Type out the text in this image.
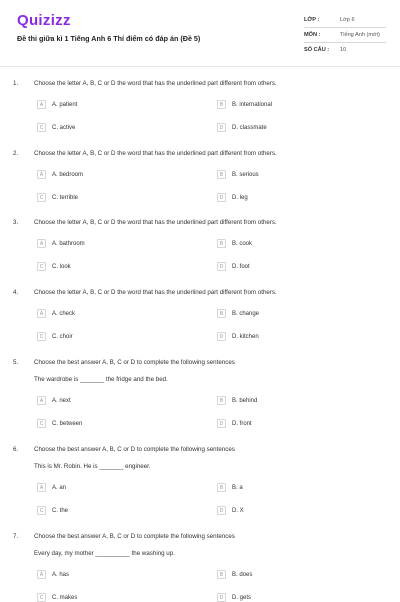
Quizizz
Đề thi giữa kì 1 Tiếng Anh 6 Thí điểm có đáp án (Đề 5)
LỚP :	Lớp 6
MÔN :	Tiếng Anh (mới)
SỐ CÂU :	10
1.	Choose the letter A, B, C or D the word that has the underlined part different from others.
A	A. patient	B	B. international
C	C. active	D	D. classmate
2.	Choose the letter A, B, C or D the word that has the underlined part different from others.
A	A. bedroom	B	B. serious
C	C. terrible	D	D. leg
3.	Choose the letter A, B, C or D the word that has the underlined part different from others.
A	A. bathroom	B	B. cook
C	C. look	D	D. foot
4.	Choose the letter A, B, C or D the word that has the underlined part different from others.
A	A. check	B	B. change
C	C. choir	D	D. kitchen
5.	Choose the best answer A, B, C or D to complete the following sentences
The wardrobe is _______ the fridge and the bed.
A	A. next	B	B. behind
C	C. between	D	D. front
6.	Choose the best answer A, B, C or D to complete the following sentences
This is Mr. Robin. He is _______ engineer.
A	A. an	B	B. a
C	C. the	D	D. X
7.	Choose the best answer A, B, C or D to complete the following sentences
Every day, my mother __________ the washing up.
A	A. has	B	B. does
C	C. makes	D	D. gets
